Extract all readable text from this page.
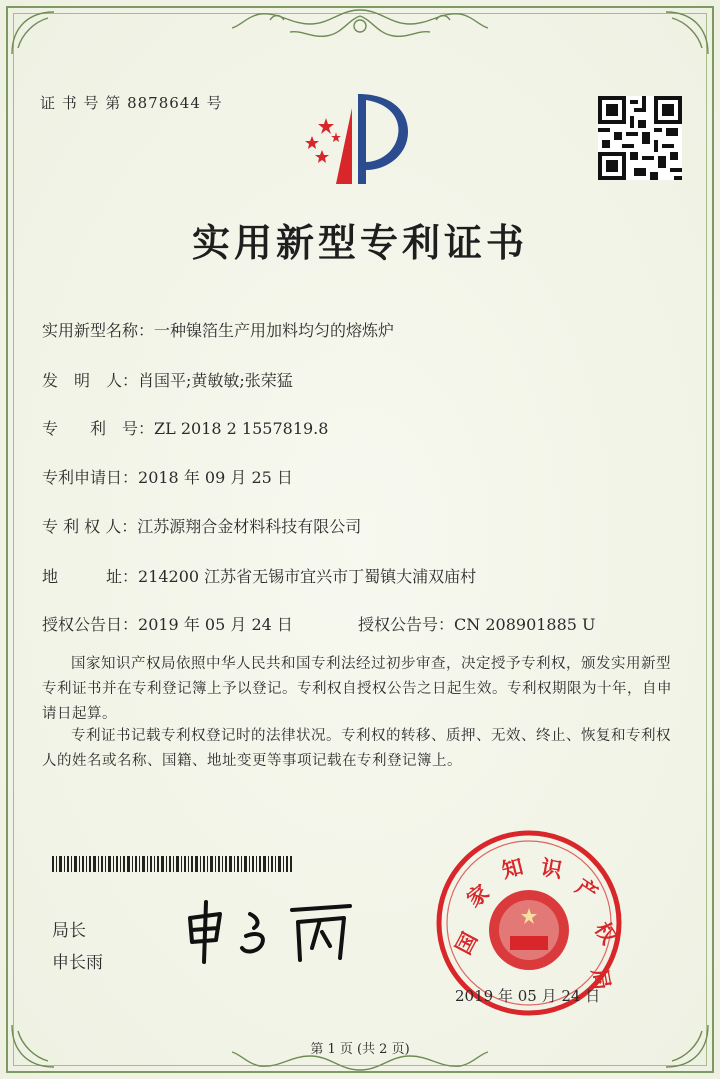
证 书 号 第 8878644 号
实用新型专利证书
实用新型名称：一种镍箔生产用加料均匀的熔炼炉
发　明　人：肖国平;黄敏敏;张荣猛
专　　利　号：ZL 2018 2 1557819.8
专利申请日：2018 年 09 月 25 日
专 利 权 人：江苏源翔合金材料科技有限公司
地　　　址：214200 江苏省无锡市宜兴市丁蜀镇大浦双庙村
授权公告日：2019 年 05 月 24 日	授权公告号：CN 208901885 U
国家知识产权局依照中华人民共和国专利法经过初步审查，决定授予专利权，颁发实用新型专利证书并在专利登记簿上予以登记。专利权自授权公告之日起生效。专利权期限为十年，自申请日起算。
专利证书记载专利权登记时的法律状况。专利权的转移、质押、无效、终止、恢复和专利权人的姓名或名称、国籍、地址变更等事项记载在专利登记簿上。
局长
申长雨
国
家
知 识
产
权
局
2019 年 05 月 24 日
第 1 页 (共 2 页)
